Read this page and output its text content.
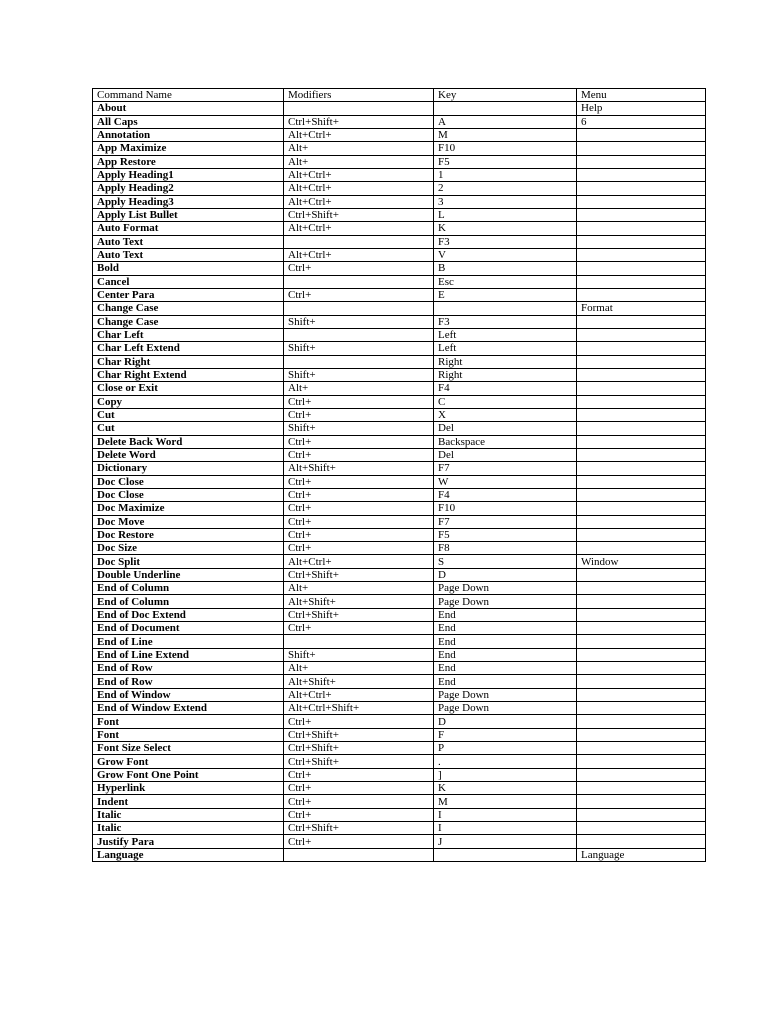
Command Name	Modifiers	Key	Menu
About			Help
All Caps	Ctrl+Shift+	A	6
Annotation	Alt+Ctrl+	M	
App Maximize	Alt+	F10	
App Restore	Alt+	F5	
Apply Heading1	Alt+Ctrl+	1	
Apply Heading2	Alt+Ctrl+	2	
Apply Heading3	Alt+Ctrl+	3	
Apply List Bullet	Ctrl+Shift+	L	
Auto Format	Alt+Ctrl+	K	
Auto Text		F3	
Auto Text	Alt+Ctrl+	V	
Bold	Ctrl+	B	
Cancel		Esc	
Center Para	Ctrl+	E	
Change Case			Format
Change Case	Shift+	F3	
Char Left		Left	
Char Left Extend	Shift+	Left	
Char Right		Right	
Char Right Extend	Shift+	Right	
Close or Exit	Alt+	F4	
Copy	Ctrl+	C	
Cut	Ctrl+	X	
Cut	Shift+	Del	
Delete Back Word	Ctrl+	Backspace	
Delete Word	Ctrl+	Del	
Dictionary	Alt+Shift+	F7	
Doc Close	Ctrl+	W	
Doc Close	Ctrl+	F4	
Doc Maximize	Ctrl+	F10	
Doc Move	Ctrl+	F7	
Doc Restore	Ctrl+	F5	
Doc Size	Ctrl+	F8	
Doc Split	Alt+Ctrl+	S	Window
Double Underline	Ctrl+Shift+	D	
End of Column	Alt+	Page Down	
End of Column	Alt+Shift+	Page Down	
End of Doc Extend	Ctrl+Shift+	End	
End of Document	Ctrl+	End	
End of Line		End	
End of Line Extend	Shift+	End	
End of Row	Alt+	End	
End of Row	Alt+Shift+	End	
End of Window	Alt+Ctrl+	Page Down	
End of Window Extend	Alt+Ctrl+Shift+	Page Down	
Font	Ctrl+	D	
Font	Ctrl+Shift+	F	
Font Size Select	Ctrl+Shift+	P	
Grow Font	Ctrl+Shift+	.	
Grow Font One Point	Ctrl+	]	
Hyperlink	Ctrl+	K	
Indent	Ctrl+	M	
Italic	Ctrl+	I	
Italic	Ctrl+Shift+	I	
Justify Para	Ctrl+	J	
Language			Language
